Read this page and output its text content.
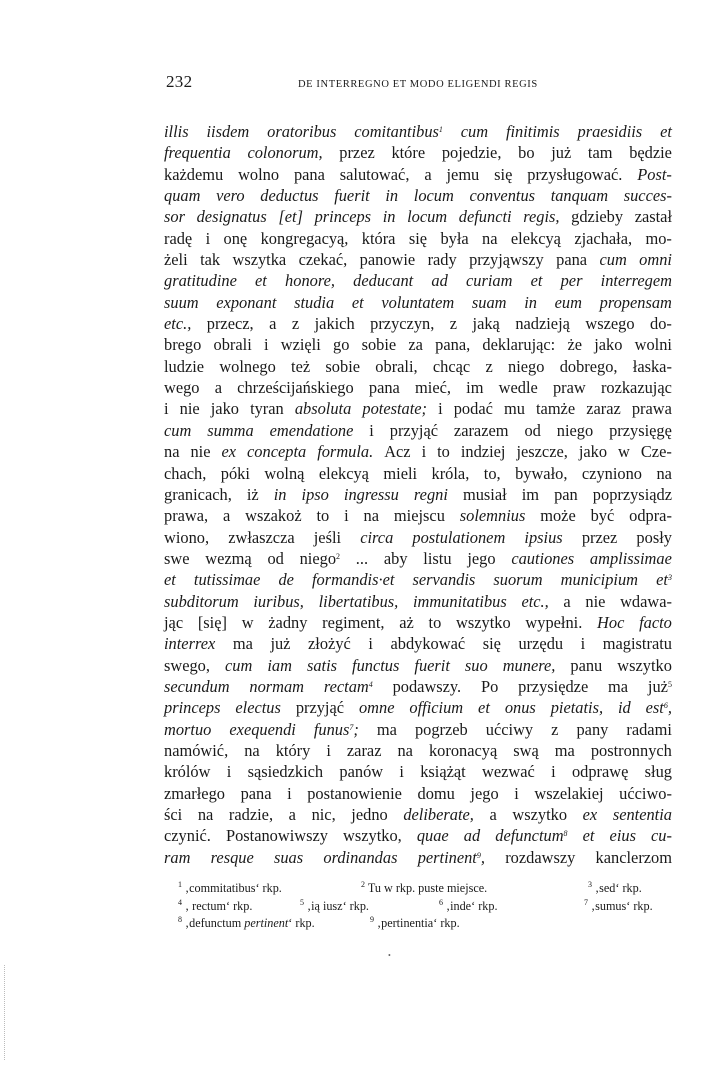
232	DE INTERREGNO ET MODO ELIGENDI REGIS
illis iisdem oratoribus comitantibus$^1$ cum finitimis praesidiis et
frequentia colonorum, przez które pojedzie, bo już tam będzie
każdemu wolno pana salutować, a jemu się przysługować. Post-
quam vero deductus fuerit in locum conventus tanquam succes-
sor designatus [et] princeps in locum defuncti regis, gdzieby zastał
radę i onę kongregacyą, która się była na elekcyą zjachała, mo-
żeli tak wszytka czekać, panowie rady przyjąwszy pana cum omni
gratitudine et honore, deducant ad curiam et per interregem
suum exponant studia et voluntatem suam in eum propensam
etc., przecz, a z jakich przyczyn, z jaką nadzieją wszego do-
brego obrali i wzięli go sobie za pana, deklarując: że jako wolni
ludzie wolnego też sobie obrali, chcąc z niego dobrego, łaska-
wego a chrześcijańskiego pana mieć, im wedle praw rozkazując
i nie jako tyran absoluta potestate; i podać mu tamże zaraz prawa
cum summa emendatione i przyjąć zarazem od niego przysięgę
na nie ex concepta formula. Acz i to indziej jeszcze, jako w Cze-
chach, póki wolną elekcyą mieli króla, to, bywało, czyniono na
granicach, iż in ipso ingressu regni musiał im pan poprzysiądz
prawa, a wszakoż to i na miejscu solemnius może być odpra-
wiono, zwłaszcza jeśli circa postulationem ipsius przez posły
swe wezmą od niego$^2$ ... aby listu jego cautiones amplissimae
et tutissimae de formandis·et servandis suorum municipium $et^3$
subditorum iuribus, libertatibus, immunitatibus etc., a nie wdawa-
jąc [się] w żadny regiment, aż to wszytko wypełni. Hoc facto
interrex ma już złożyć i abdykować się urzędu i magistratu
swego, cum iam satis functus fuerit suo munere, panu wszytko
secundum normam rectam$^4$ podawszy. Po przysiędze ma już$^5$
princeps electus przyjąć omne officium et onus pietatis, id est$^6$,
mortuo exequendi funus$^7$; ma pogrzeb ućciwy z pany radami
namówić, na który i zaraz na koronacyą swą ma postronnych
królów i sąsiedzkich panów i książąt wezwać i odprawę sług
zmarłego pana i postanowienie domu jego i wszelakiej ućciwo-
ści na radzie, a nic, jedno deliberate, a wszytko ex sententia
czynić. Postanowiwszy wszytko, quae ad defunctum$^8$ et eius cu-
ram resque suas ordinandas pertinent$^9$, rozdawszy kanclerzom
$^1$ ‚commitatibus‘ rkp.	$^2$ Tu w rkp. puste miejsce.	$^3$ ‚sed‘ rkp.
$^4$ ‚ rectum‘ rkp.	$^5$ ‚ią iusz‘ rkp.	$^6$ ‚inde‘ rkp.	$^7$ ‚sumus‘ rkp.
$^8$ ‚defunctum pertinent‘ rkp.	$^9$ ‚pertinentia‘ rkp.
•
